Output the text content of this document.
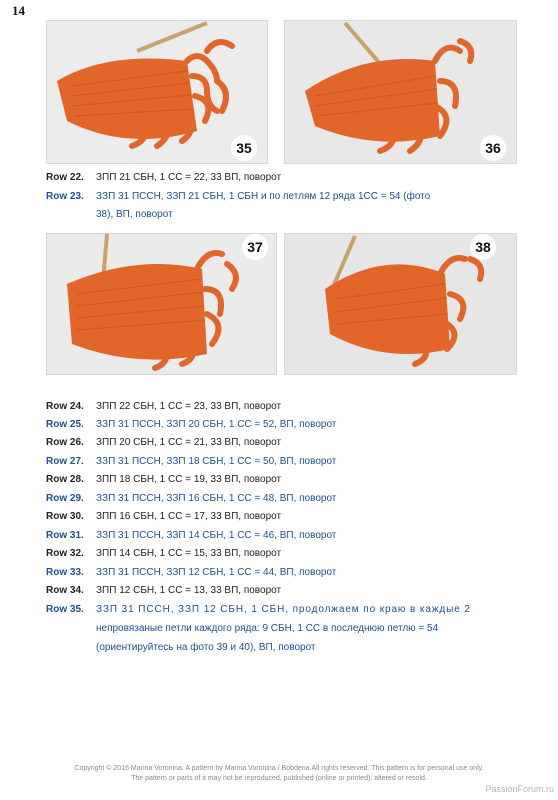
14
35	36
Row 22. ЗПП 21 СБН, 1 СС = 22, 33 ВП, поворот
Row 23. ЗЗП 31 ПССН, ЗЗП 21 СБН, 1 СБН и по петлям 12 ряда 1СС = 54 (фото
38), ВП, поворот
37	38
Row 24. ЗПП 22 СБН, 1 СС = 23, 33 ВП, поворот
Row 25. ЗЗП 31 ПССН, ЗЗП 20 СБН, 1 СС = 52, ВП, поворот
Row 26. ЗПП 20 СБН, 1 СС = 21, 33 ВП, поворот
Row 27. ЗЗП 31 ПССН, ЗЗП 18 СБН, 1 СС = 50, ВП, поворот
Row 28. ЗПП 18 СБН, 1 СС = 19, 33 ВП, поворот
Row 29. ЗЗП 31 ПССН, ЗЗП 16 СБН, 1 СС = 48, ВП, поворот
Row 30. ЗПП 16 СБН, 1 СС = 17, 33 ВП, поворот
Row 31. ЗЗП 31 ПССН, ЗЗП 14 СБН, 1 СС = 46, ВП, поворот
Row 32. ЗПП 14 СБН, 1 СС = 15, 33 ВП, поворот
Row 33. ЗЗП 31 ПССН, ЗЗП 12 СБН, 1 СС = 44, ВП, поворот
Row 34. ЗПП 12 СБН, 1 СС = 13, 33 ВП, поворот
Row 35. ЗЗП 31 ПССН, ЗЗП 12 СБН, 1 СБН, продолжаем по краю в каждые 2
непровязаные петли каждого ряда: 9 СБН, 1 СС в последнюю петлю = 54
(ориентируйтесь на фото 39 и 40), ВП, поворот
Copyright © 2016 Marina Voronina. A pattern by Marina Voronina / Bobdena.All rights reserved. This pattern is for personal use only.
The pattern or parts of it may not be reproduced, published (online or printed), altered or resold.
PassionForum.ru
